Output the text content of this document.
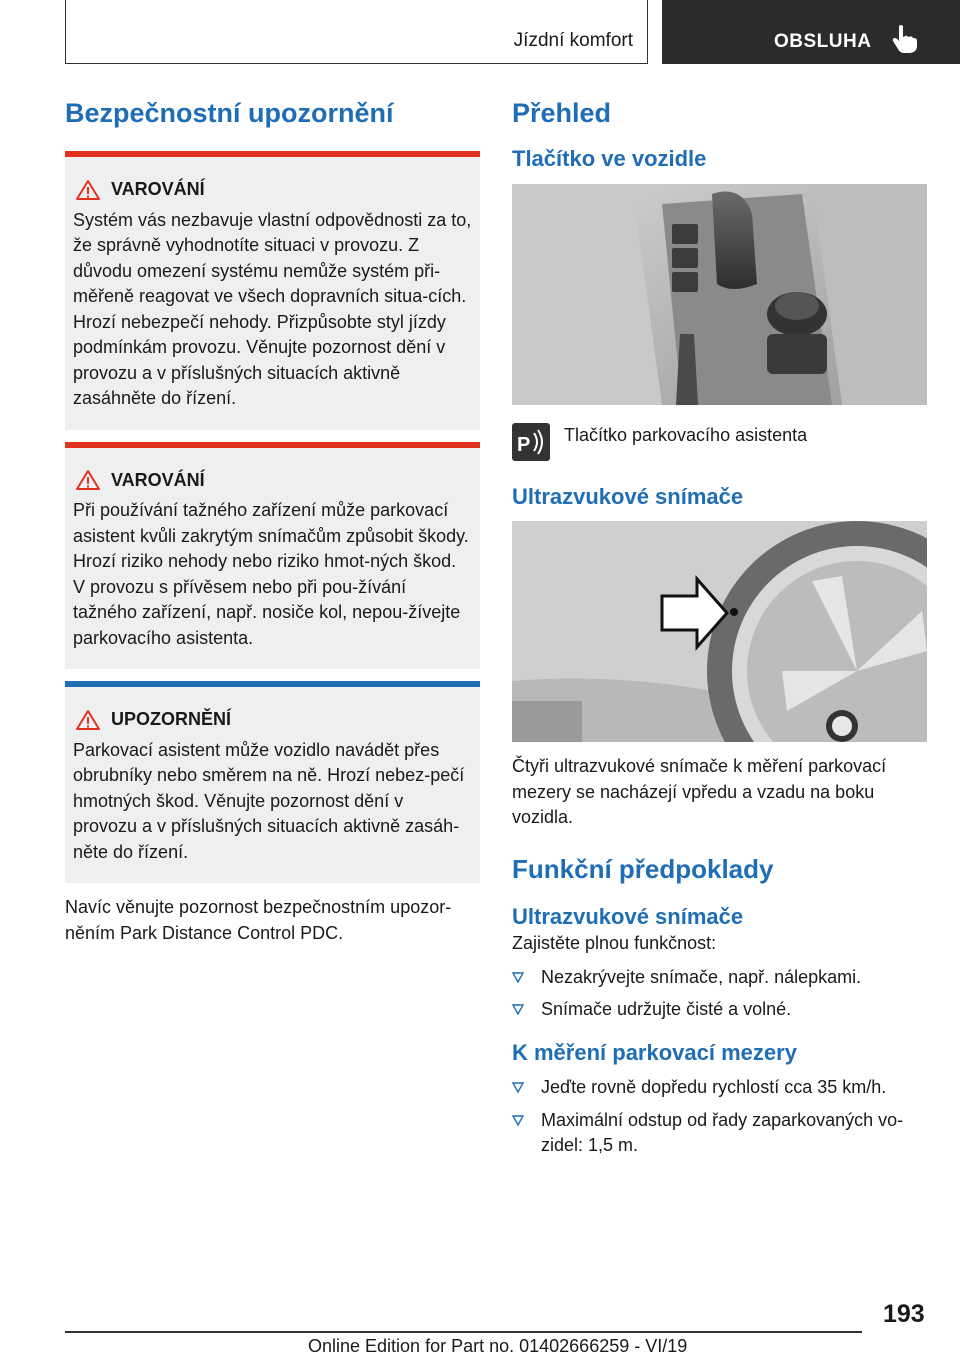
Jízdní komfort	OBSLUHA
Bezpečnostní upozornění
VAROVÁNÍ

Systém vás nezbavuje vlastní odpovědnosti za to, že správně vyhodnotíte situaci v provozu. Z důvodu omezení systému nemůže systém při-měřeně reagovat ve všech dopravních situa-cích. Hrozí nebezpečí nehody. Přizpůsobte styl jízdy podmínkám provozu. Věnujte pozornost dění v provozu a v příslušných situacích aktivně zasáhněte do řízení.

VAROVÁNÍ

Při používání tažného zařízení může parkovací asistent kvůli zakrytým snímačům způsobit škody. Hrozí riziko nehody nebo riziko hmot-ných škod. V provozu s přívěsem nebo při pou-žívání tažného zařízení, např. nosiče kol, nepou-žívejte parkovacího asistenta.

UPOZORNĚNÍ

Parkovací asistent může vozidlo navádět přes obrubníky nebo směrem na ně. Hrozí nebez-pečí hmotných škod. Věnujte pozornost dění v provozu a v příslušných situacích aktivně zasáh-něte do řízení.

Navíc věnujte pozornost bezpečnostním upozor-něním Park Distance Control PDC.

Přehled
Tlačítko ve vozidle
P Tlačítko parkovacího asistenta
Ultrazvukové snímače

Čtyři ultrazvukové snímače k měření parkovací mezery se nacházejí vpředu a vzadu na boku vozidla.

Funkční předpoklady
Ultrazvukové snímače

Zajistěte plnou funkčnost:

Nezakrývejte snímače, např. nálepkami.
Snímače udržujte čisté a volné.
K měření parkovací mezery
Jeďte rovně dopředu rychlostí cca 35 km/h.
Maximální odstup od řady zaparkovaných vo-zidel: 1,5 m.
193
Online Edition for Part no. 01402666259 - VI/19
